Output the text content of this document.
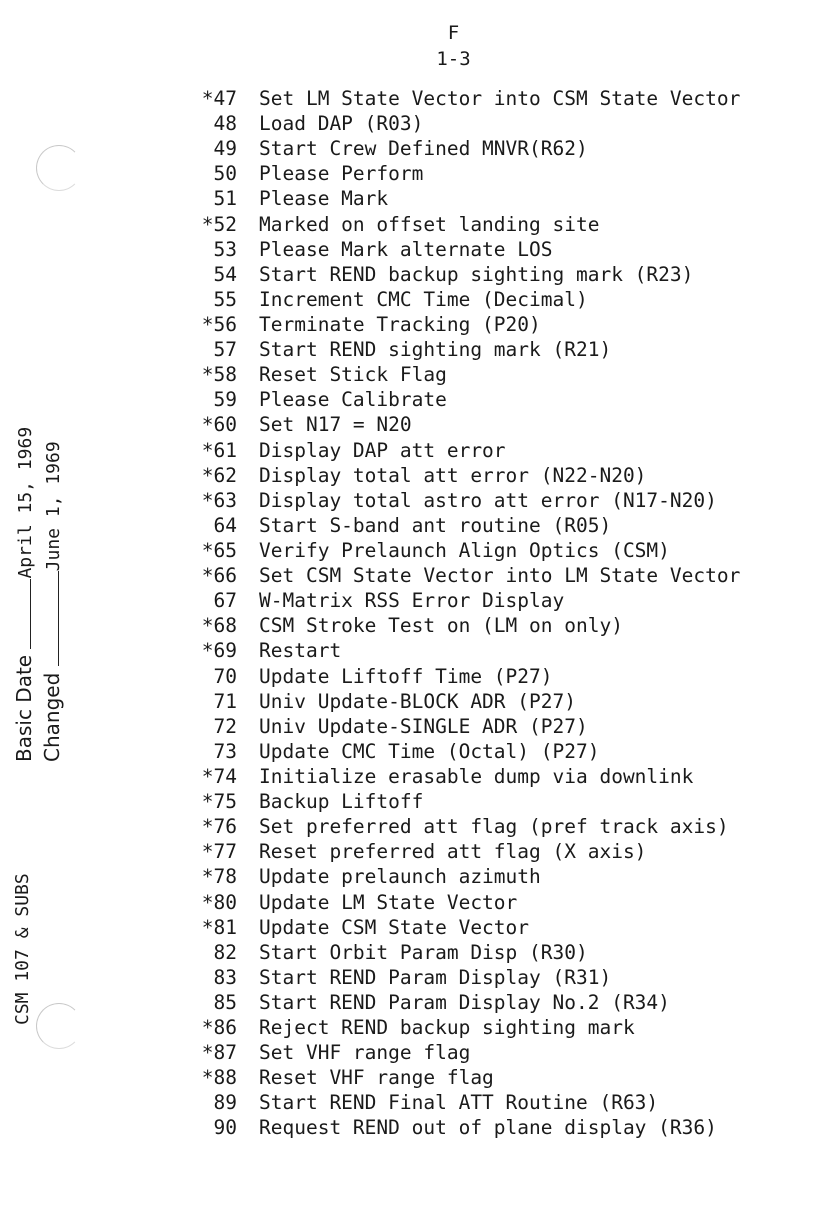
F
1-3
Basic Date April 15, 1969
Changed June 1, 1969
CSM 107 & SUBS
*47 Set LM State Vector into CSM State Vector
48 Load DAP (R03)
49 Start Crew Defined MNVR(R62)
50 Please Perform
51 Please Mark
*52 Marked on offset landing site
53 Please Mark alternate LOS
54 Start REND backup sighting mark (R23)
55 Increment CMC Time (Decimal)
*56 Terminate Tracking (P20)
57 Start REND sighting mark (R21)
*58 Reset Stick Flag
59 Please Calibrate
*60 Set N17 = N20
*61 Display DAP att error
*62 Display total att error (N22-N20)
*63 Display total astro att error (N17-N20)
64 Start S-band ant routine (R05)
*65 Verify Prelaunch Align Optics (CSM)
*66 Set CSM State Vector into LM State Vector
67 W-Matrix RSS Error Display
*68 CSM Stroke Test on (LM on only)
*69 Restart
70 Update Liftoff Time (P27)
71 Univ Update-BLOCK ADR (P27)
72 Univ Update-SINGLE ADR (P27)
73 Update CMC Time (Octal) (P27)
*74 Initialize erasable dump via downlink
*75 Backup Liftoff
*76 Set preferred att flag (pref track axis)
*77 Reset preferred att flag (X axis)
*78 Update prelaunch azimuth
*80 Update LM State Vector
*81 Update CSM State Vector
82 Start Orbit Param Disp (R30)
83 Start REND Param Display (R31)
85 Start REND Param Display No.2 (R34)
*86 Reject REND backup sighting mark
*87 Set VHF range flag
*88 Reset VHF range flag
89 Start REND Final ATT Routine (R63)
90 Request REND out of plane display (R36)
